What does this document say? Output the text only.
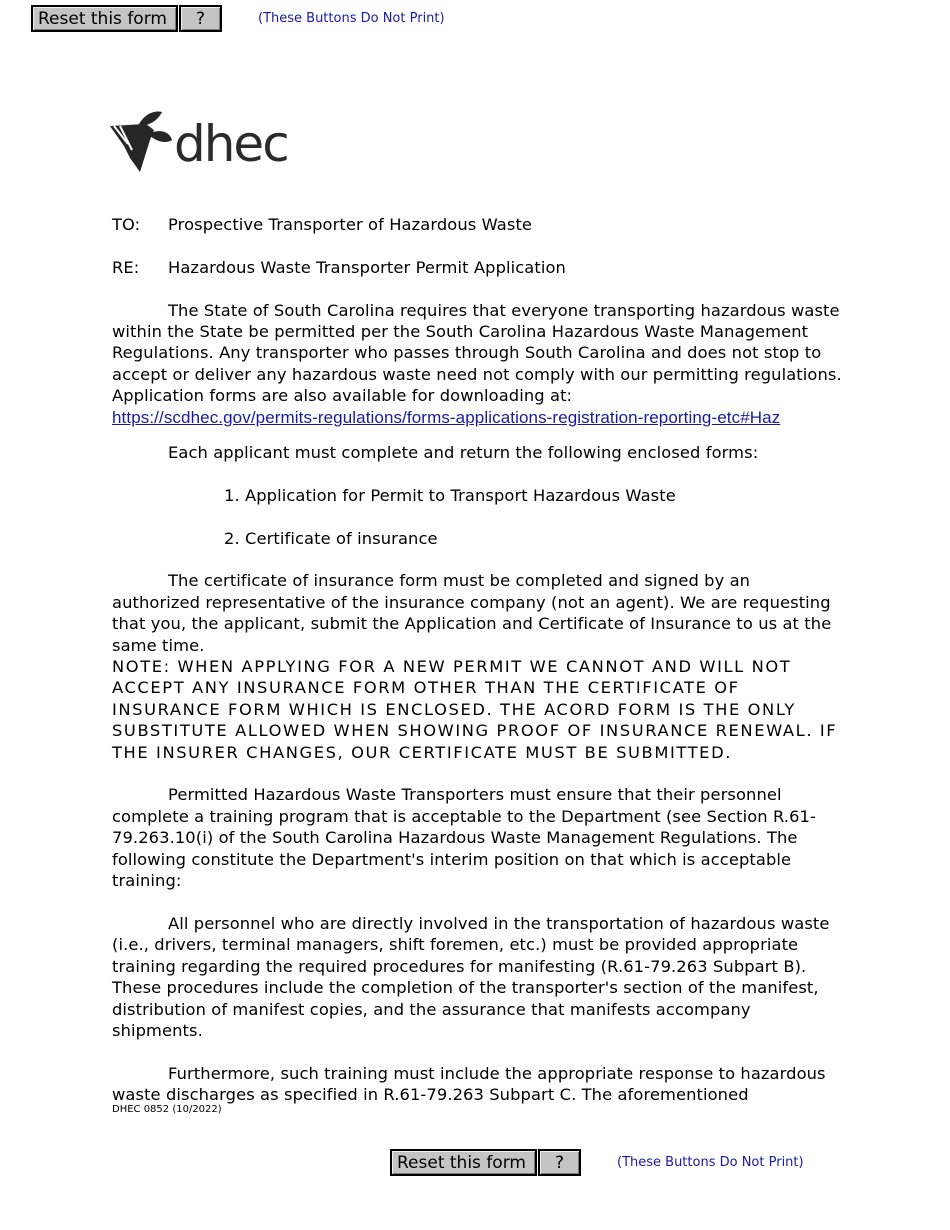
Reset this form	?	(These Buttons Do Not Print)
dhec
TO:	Prospective Transporter of Hazardous Waste
RE:	Hazardous Waste Transporter Permit Application

The State of South Carolina requires that everyone transporting hazardous waste within the State be permitted per the South Carolina Hazardous Waste Management Regulations. Any transporter who passes through South Carolina and does not stop to accept or deliver any hazardous waste need not comply with our permitting regulations. Application forms are also available for downloading at:

https://scdhec.gov/permits-regulations/forms-applications-registration-reporting-etc#Haz

Each applicant must complete and return the following enclosed forms:

1. Application for Permit to Transport Hazardous Waste

2. Certificate of insurance

The certificate of insurance form must be completed and signed by an authorized representative of the insurance company (not an agent). We are requesting that you, the applicant, submit the Application and Certificate of Insurance to us at the same time.

NOTE: WHEN APPLYING FOR A NEW PERMIT WE CANNOT AND WILL NOT ACCEPT ANY INSURANCE FORM OTHER THAN THE CERTIFICATE OF INSURANCE FORM WHICH IS ENCLOSED. THE ACORD FORM IS THE ONLY SUBSTITUTE ALLOWED WHEN SHOWING PROOF OF INSURANCE RENEWAL. IF THE INSURER CHANGES, OUR CERTIFICATE MUST BE SUBMITTED.

Permitted Hazardous Waste Transporters must ensure that their personnel complete a training program that is acceptable to the Department (see Section R.61-79.263.10(i) of the South Carolina Hazardous Waste Management Regulations. The following constitute the Department's interim position on that which is acceptable training:

All personnel who are directly involved in the transportation of hazardous waste (i.e., drivers, terminal managers, shift foremen, etc.) must be provided appropriate training regarding the required procedures for manifesting (R.61-79.263 Subpart B). These procedures include the completion of the transporter's section of the manifest, distribution of manifest copies, and the assurance that manifests accompany shipments.

Furthermore, such training must include the appropriate response to hazardous waste discharges as specified in R.61-79.263 Subpart C. The aforementioned

DHEC 0852 (10/2022)
Reset this form	?	(These Buttons Do Not Print)
